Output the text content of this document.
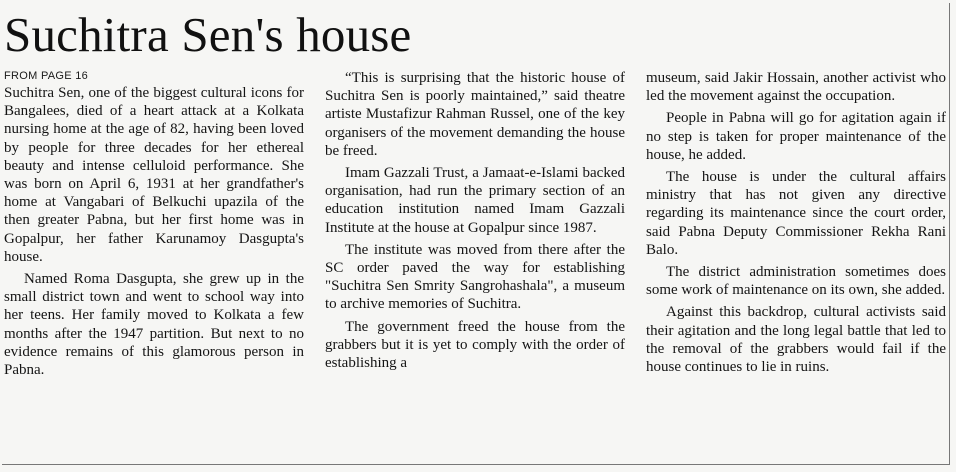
Suchitra Sen's house
FROM PAGE 16

Suchitra Sen, one of the biggest cultural icons for Bangalees, died of a heart attack at a Kolkata nursing home at the age of 82, having been loved by people for three decades for her ethereal beauty and intense celluloid performance. She was born on April 6, 1931 at her grandfather's home at Vangabari of Belkuchi upazila of the then greater Pabna, but her first home was in Gopalpur, her father Karunamoy Dasgupta's house.

Named Roma Dasgupta, she grew up in the small district town and went to school way into her teens. Her family moved to Kolkata a few months after the 1947 partition. But next to no evidence remains of this glamorous person in Pabna.

“This is surprising that the historic house of Suchitra Sen is poorly maintained,” said theatre artiste Mustafizur Rahman Russel, one of the key organisers of the movement demanding the house be freed.

Imam Gazzali Trust, a Jamaat-e-Islami backed organisation, had run the primary section of an education institution named Imam Gazzali Institute at the house at Gopalpur since 1987.

The institute was moved from there after the SC order paved the way for establishing "Suchitra Sen Smrity Sangrohashala", a museum to archive memories of Suchitra.

The government freed the house from the grabbers but it is yet to comply with the order of establishing a

museum, said Jakir Hossain, another activist who led the movement against the occupation.

People in Pabna will go for agitation again if no step is taken for proper maintenance of the house, he added.

The house is under the cultural affairs ministry that has not given any directive regarding its maintenance since the court order, said Pabna Deputy Commissioner Rekha Rani Balo.

The district administration sometimes does some work of maintenance on its own, she added.

Against this backdrop, cultural activists said their agitation and the long legal battle that led to the removal of the grabbers would fail if the house continues to lie in ruins.
